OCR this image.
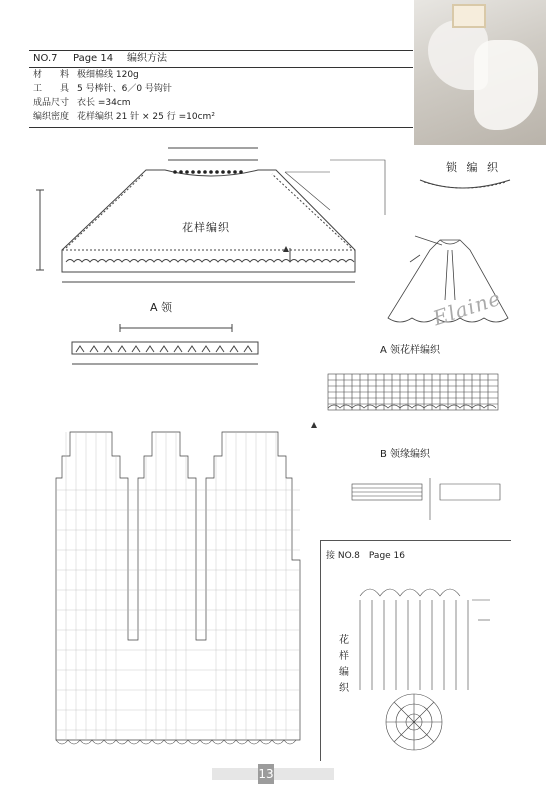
NO.7 Page 14 编织方法
材　　料 极细棉线 120g
工　　具 5 号棒针、6／0 号钩针
成品尺寸 衣长 =34cm
编织密度 花样编织 21 针 × 25 行 =10cm²
花样编织
锁 编 织
A 领
A 领花样编织
B 领缘编织
接 NO.8　Page 16
花
样
编
织
Elaine
13
